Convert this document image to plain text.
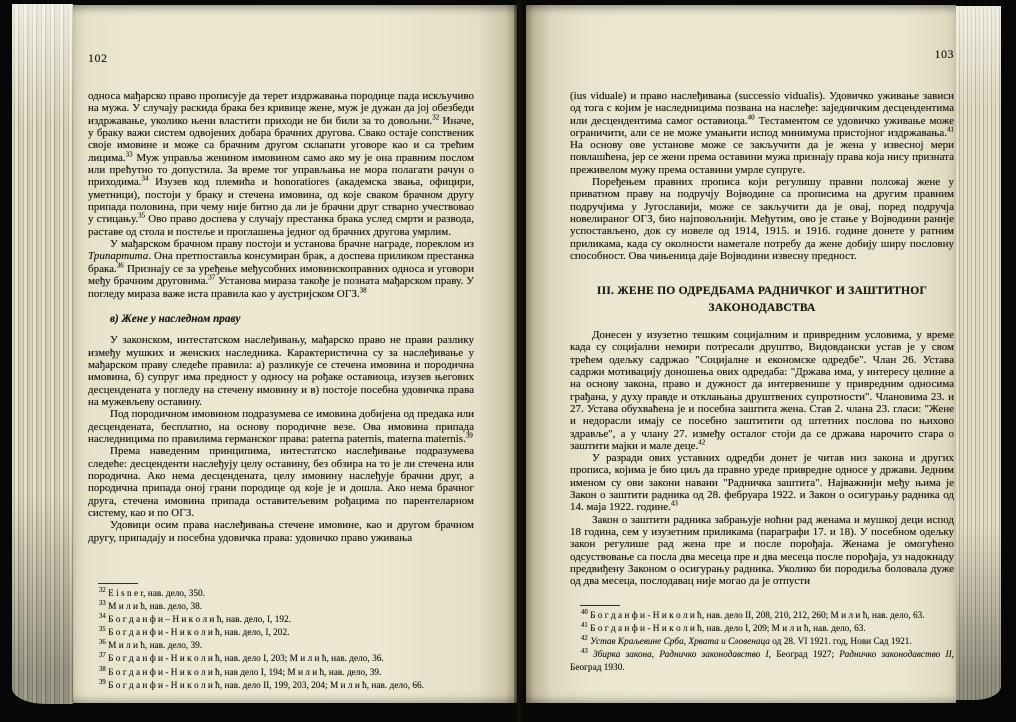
102

односа мађарско право прописује да терет издржавања породице пада искључиво на мужа. У случају раскида брака без кривице жене, муж је дужан да јој обезбеди издржавање, уколико њени властити приходи не би били за то довољни.$^{32}$ Иначе, у браку важи систем одвојених добара брачних другова. Свако остаје сопственик своје имовине и може са брачним другом склапати уговоре као и са трећим лицима.$^{33}$ Муж управља женином имовином само ако му је она правним послом или прећутно то допустила. За време тог управљања не мора полагати рачун о приходима.$^{34}$ Изузев код племића и honoratiores (академска звања, официри, уметници), постоји у браку и стечена имовина, од које сваком брачном другу припада половина, при чему није битно да ли је брачни друг стварно учествовао у стицању.$^{35}$ Ово право доспева у случају престанка брака услед смрти и развода, раставе од стола и постеље и проглашења једног од брачних другова умрлим.

У мађарском брачном праву постоји и установа брачне награде, пореклом из Трипартита. Она претпоставља консумиран брак, а доспева приликом престанка брака.$^{36}$ Признају се за уређење међусобних имовинскоправних односа и уговори међу брачним друговима.$^{37}$ Установа мираза такође је позната мађарском праву. У погледу мираза важе иста правила као у аустријском ОГЗ.$^{38}$

в) Жене у наследном праву

У законском, интестатском наслеђивању, мађарско право не прави разлику између мушких и женских наследника. Карактеристична су за наслеђивање у мађарском праву следеће правила: а) разликује се стечена имовина и породична имовина, б) супруг има предност у односу на рођаке оставиоца, изузев његових десцендената у погледу на стечену имовину и в) постоје посебна удовичка права на мужевљеву оставину.

Под породичном имовином подразумева се имовина добијена од предака или десцендената, бесплатно, на основу породичне везе. Ова имовина припада наследницима по правилима германског права: paterna paternis, materna maternis.$^{39}$

Према наведеним принципима, интестатско наслеђивање подразумева следеће: десценденти наслеђују целу оставину, без обзира на то је ли стечена или породична. Ако нема десцендената, целу имовину наслеђује брачни друг, а породична припада оној грани породице од које је и дошла. Ако нема брачног друга, стечена имовина припада оставитељевим рођацима по парентеларном систему, као и по ОГЗ.

Удовици осим права наслеђивања стечене имовине, као и другом брачном другу, припадају и посебна удовичка права: удовичко право уживања

$^{32}$ E i s n e r, нав. дело, 350.
$^{33}$ М и л и ћ, нав. дело, 38.
$^{34}$ Б о г д а н ф и – Н и к о л и ћ, нав. дело, I, 192.
$^{35}$ Б о г д а н ф и - Н и к о л и ћ, нав. дело, I, 202.
$^{36}$ М и л и ћ, нав. дело, 39.
$^{37}$ Б о г д а н ф и - Н и к о л и ћ, нав. дело I, 203; М и л и ћ, нав. дело, 36.
$^{38}$ Б о г д а н ф и - Н и к о л и ћ, нав дело I, 194; М и л и ћ, нав. дело, 39.
$^{39}$ Б о г д а н ф и - Н и к о л и ћ, нав. дело II, 199, 203, 204; М и л и ћ, нав. дело, 66.

103

(ius viduale) и право наслеђивања (successio vidualis). Удовичко уживање зависи од тога с којим је наследницима позвана на наслеђе: заједничким десцендентима или десцендентима самог оставиоца.$^{40}$ Тестаментом се удовичко уживање може ограничити, али се не може умањити испод минимума пристојног издржавања.$^{41}$ На основу ове установе може се закључити да је жена у извесној мери повлашћена, јер се жени према оставини мужа признају права која нису призната преживелом мужу према оставини умрле супруге.

Поређењем правних прописа који регулишу правни положај жене у приватном праву на подручју Војводине са прописима на другим правним подручјима у Југославији, може се закључити да је овај, поред подручја новелираног ОГЗ, био најповољнији. Међутим, ово је стање у Војводини раније успостављено, док су новеле од 1914, 1915. и 1916. године донете у ратним приликама, када су околности наметале потребу да жене добију ширу пословну способност. Ова чињеница даје Војводини извесну предност.

III. ЖЕНЕ ПО ОДРЕДБАМА РАДНИЧКОГ И ЗАШТИТНОГ
ЗАКОНОДАВСТВА

Донесен у изузетно тешким социјалним и привредним условима, у време када су социјални немири потресали друштво, Видовдански устав је у свом трећем одељку садржао "Социјалне и економске одредбе". Члан 26. Устава садржи мотивацију доношења ових одредаба: "Држава има, у интересу целине а на основу закона, право и дужност да интервенише у привредним односима грађана, у духу правде и отклањања друштвених супротности". Члановима 23. и 27. Устава обухваћена је и посебна заштита жена. Став 2. члана 23. гласи: "Жене и недорасли имају се посебно заштитити од штетних послова по њихово здравље", а у члану 27. између осталог стоји да се држава нарочито стара о заштити мајки и мале деце.$^{42}$

У разради ових уставних одредби донет је читав низ закона и других прописа, којима је био циљ да правно уреде привредне односе у држави. Једним именом су ови закони навани "Радничка заштита". Најважнији међу њима је Закон о заштити радника од 28. фебруара 1922. и Закон о осигурању радника од 14. маја 1922. године.$^{43}$

Закон о заштити радника забрањује ноћни рад женама и мушкој деци испод 18 година, сем у изузетним приликама (параграфи 17. и 18). У посебном одељку закон регулише рад жена пре и после порођаја. Женама је омогућено одсуствовање са посла два месеца пре и два месеца после порођаја, уз надокнаду предвиђену Законом о осигурању радника. Уколико би породиља боловала дуже од два месеца, послодавац није могао да је отпусти

$^{40}$ Б о г д а н ф и - Н и к о л и ћ, нав. дело II, 208, 210, 212, 260; М и л и ћ, нав. дело, 63.
$^{41}$ Б о г д а н ф и - Н и к о л и ћ, нав. дело I, 209; М и л и ћ, нав. дело, 63.
$^{42}$ Устав Краљевине Срба, Хрвата и Словенаца од 28. VI 1921. год, Нови Сад 1921.
$^{43}$ Збирка закона, Радничко законодавство I, Београд 1927; Радничко законодавство II, Београд 1930.
